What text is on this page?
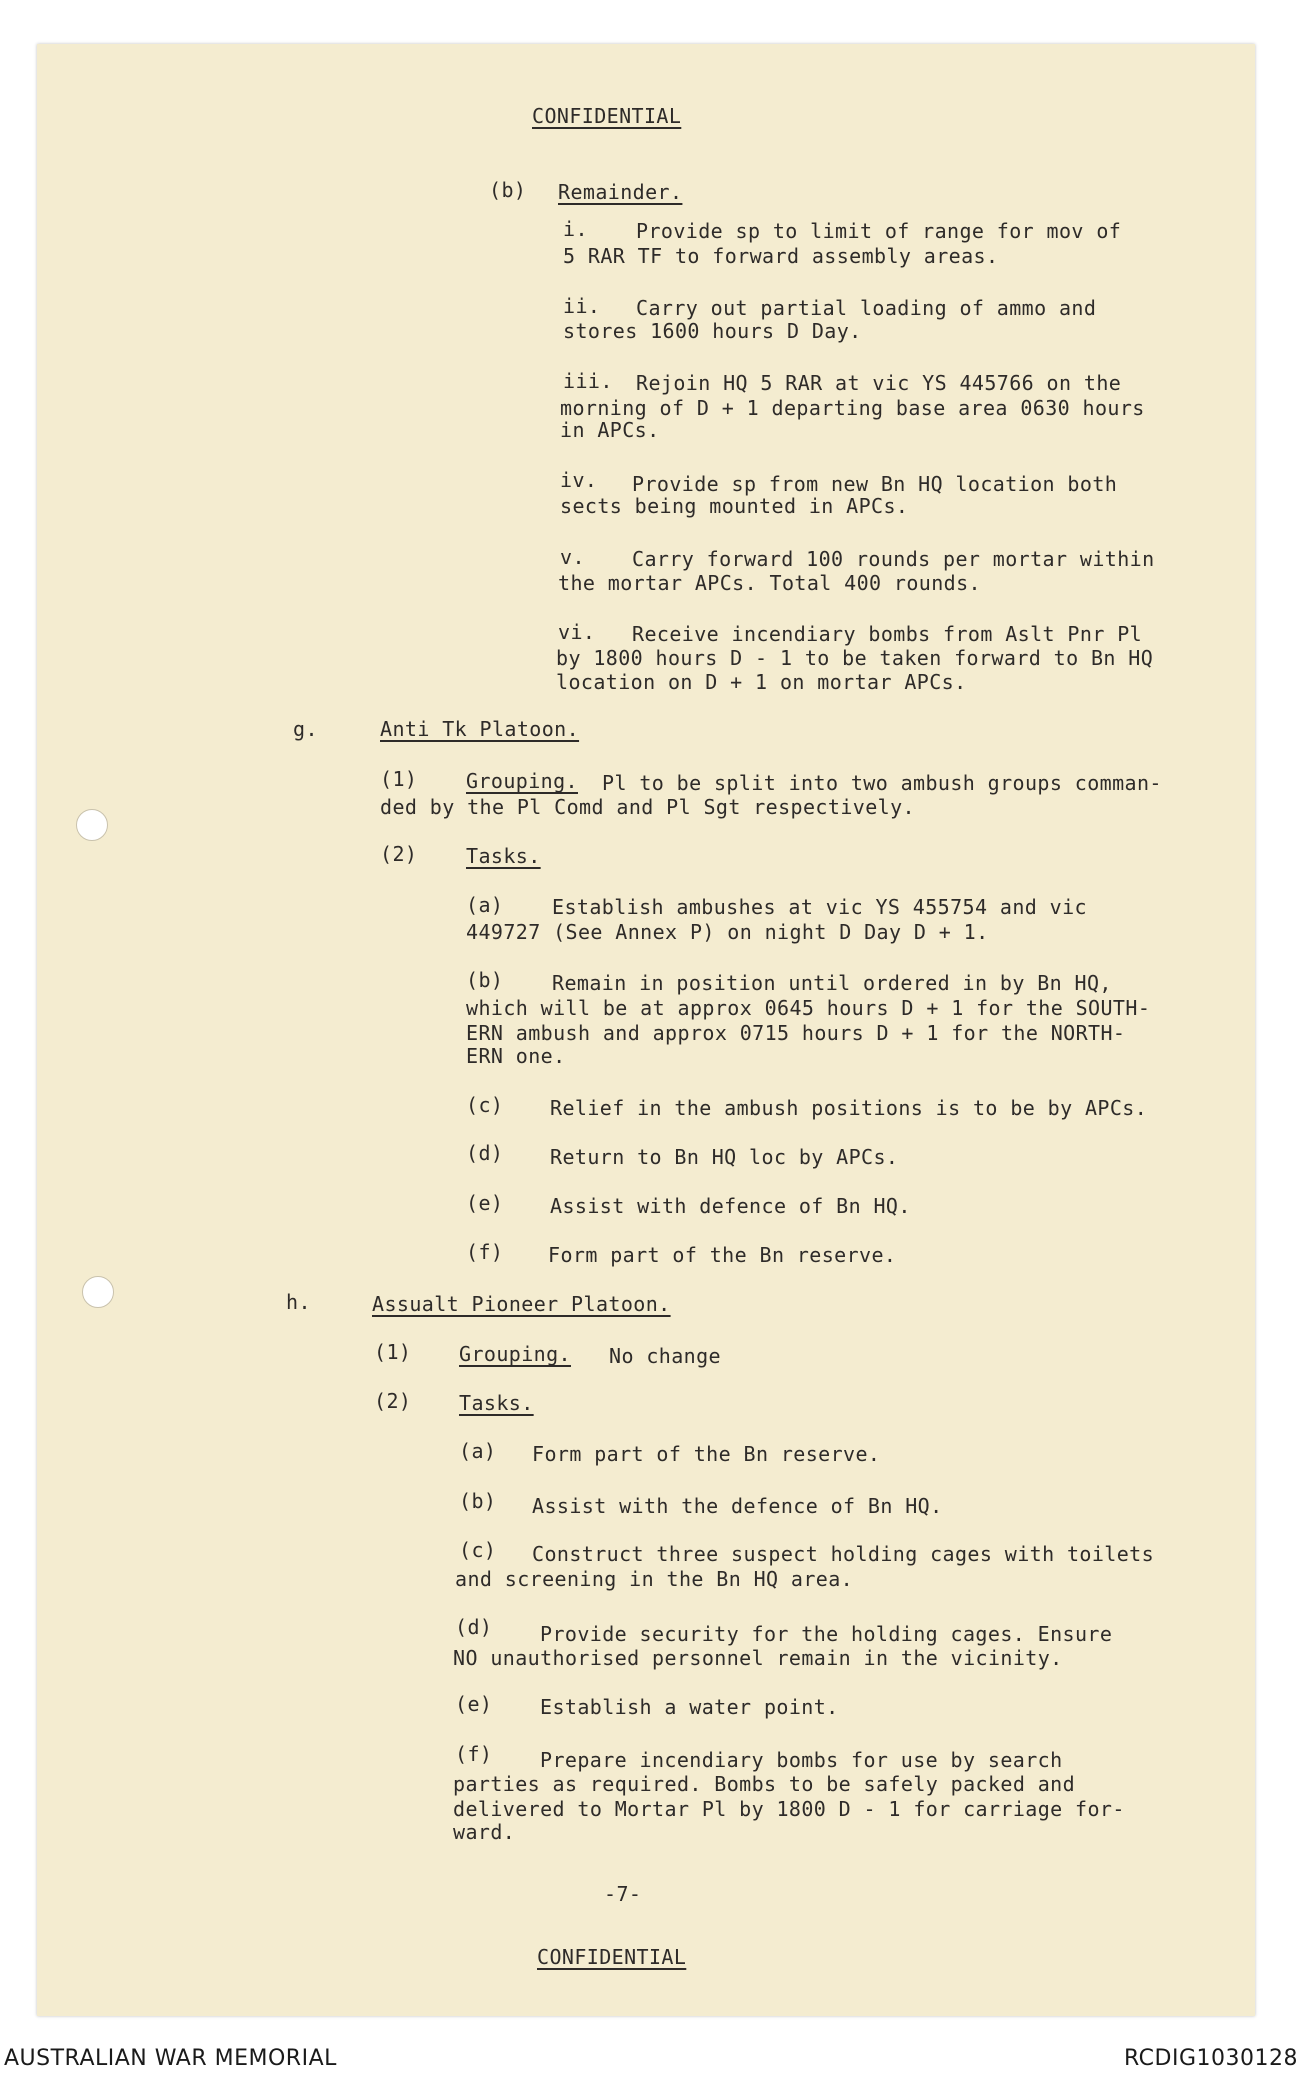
CONFIDENTIAL
(b) Remainder.
i. Provide sp to limit of range for mov of
5 RAR TF to forward assembly areas.
ii. Carry out partial loading of ammo and
stores 1600 hours D Day.
iii. Rejoin HQ 5 RAR at vic YS 445766 on the
morning of D + 1 departing base area 0630 hours
in APCs.
iv. Provide sp from new Bn HQ location both
sects being mounted in APCs.
v. Carry forward 100 rounds per mortar within
the mortar APCs. Total 400 rounds.
vi. Receive incendiary bombs from Aslt Pnr Pl
by 1800 hours D - 1 to be taken forward to Bn HQ
location on D + 1 on mortar APCs.
g.	Anti Tk Platoon.
(1) Grouping. Pl to be split into two ambush groups comman-
ded by the Pl Comd and Pl Sgt respectively.
(2) Tasks.
(a) Establish ambushes at vic YS 455754 and vic
449727 (See Annex P) on night D Day D + 1.
(b) Remain in position until ordered in by Bn HQ,
which will be at approx 0645 hours D + 1 for the SOUTH-
ERN ambush and approx 0715 hours D + 1 for the NORTH-
ERN one.
(c) Relief in the ambush positions is to be by APCs.
(d) Return to Bn HQ loc by APCs.
(e) Assist with defence of Bn HQ.
(f) Form part of the Bn reserve.
h.	Assualt Pioneer Platoon.
(1) Grouping. No change
(2) Tasks.
(a) Form part of the Bn reserve.
(b) Assist with the defence of Bn HQ.
(c) Construct three suspect holding cages with toilets
and screening in the Bn HQ area.
(d) Provide security for the holding cages. Ensure
NO unauthorised personnel remain in the vicinity.
(e) Establish a water point.
(f) Prepare incendiary bombs for use by search
parties as required. Bombs to be safely packed and
delivered to Mortar Pl by 1800 D - 1 for carriage for-
ward.
-7-
CONFIDENTIAL
AUSTRALIAN WAR MEMORIAL	RCDIG1030128
